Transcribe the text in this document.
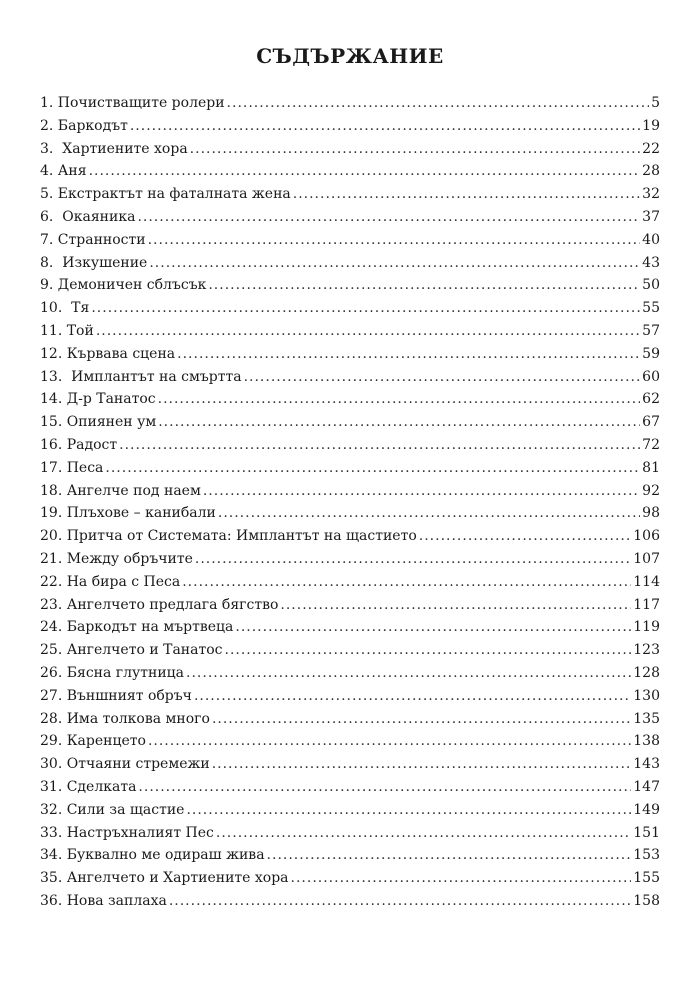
СЪДЪРЖАНИЕ
1. Почистващите ролери .....	5
2. Баркодът .....	19
3.  Хартиените хора .....	22
4. Аня .....	28
5. Екстрактът на фаталната жена .....	32
6.  Окаяника .....	37
7. Странности .....	40
8.  Изкушение .....	43
9. Демоничен сблъсък .....	50
10.  Тя .....	55
11. Той .....	57
12. Кървава сцена .....	59
13.  Имплантът на смъртта .....	60
14. Д-р Танатос .....	62
15. Опиянен ум .....	67
16. Радост .....	72
17. Песа .....	81
18. Ангелче под наем .....	92
19. Плъхове – канибали .....	98
20. Притча от Системата: Имплантът на щастието .....	106
21. Между обръчите .....	107
22. На бира с Песа .....	114
23. Ангелчето предлага бягство .....	117
24. Баркодът на мъртвеца .....	119
25. Ангелчето и Танатос .....	123
26. Бясна глутница .....	128
27. Външният обръч .....	130
28. Има толкова много .....	135
29. Каренцето .....	138
30. Отчаяни стремежи .....	143
31. Сделката .....	147
32. Сили за щастие .....	149
33. Настръхналият Пес .....	151
34. Буквално ме одираш жива .....	153
35. Ангелчето и Хартиените хора .....	155
36. Нова заплаха .....	158
